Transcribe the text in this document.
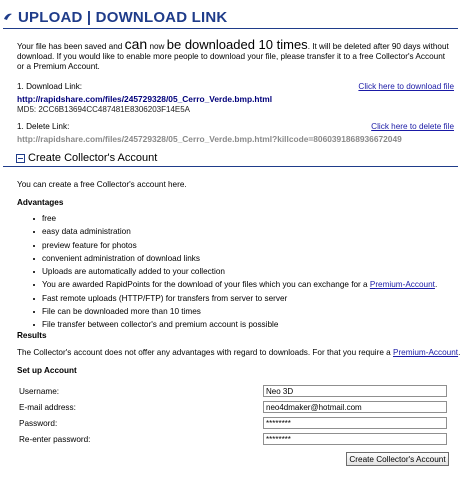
UPLOAD | DOWNLOAD LINK
Your file has been saved and can now be downloaded 10 times. It will be deleted after 90 days without download. If you would like to enable more people to download your file, please transfer it to a free Collector's Account or a Premium Account.
1. Download Link:	Click here to download file
http://rapidshare.com/files/245729328/05_Cerro_Verde.bmp.html
MD5: 2CC6B13694CC487481E8306203F14E5A
1. Delete Link:	Click here to delete file
http://rapidshare.com/files/245729328/05_Cerro_Verde.bmp.html?killcode=8060391868936672049
Create Collector's Account
You can create a free Collector's account here.
Advantages
free
easy data administration
preview feature for photos
convenient administration of download links
Uploads are automatically added to your collection
You are awarded RapidPoints for the download of your files which you can exchange for a Premium-Account.
Fast remote uploads (HTTP/FTP) for transfers from server to server
File can be downloaded more than 10 times
File transfer between collector's and premium account is possible
Results
The Collector's account does not offer any advantages with regard to downloads. For that you require a Premium-Account.
Set up Account
Username:
Neo 3D
E-mail address:
neo4dmaker@hotmail.com
Password:
********
Re-enter password:
********
Create Collector's Account
